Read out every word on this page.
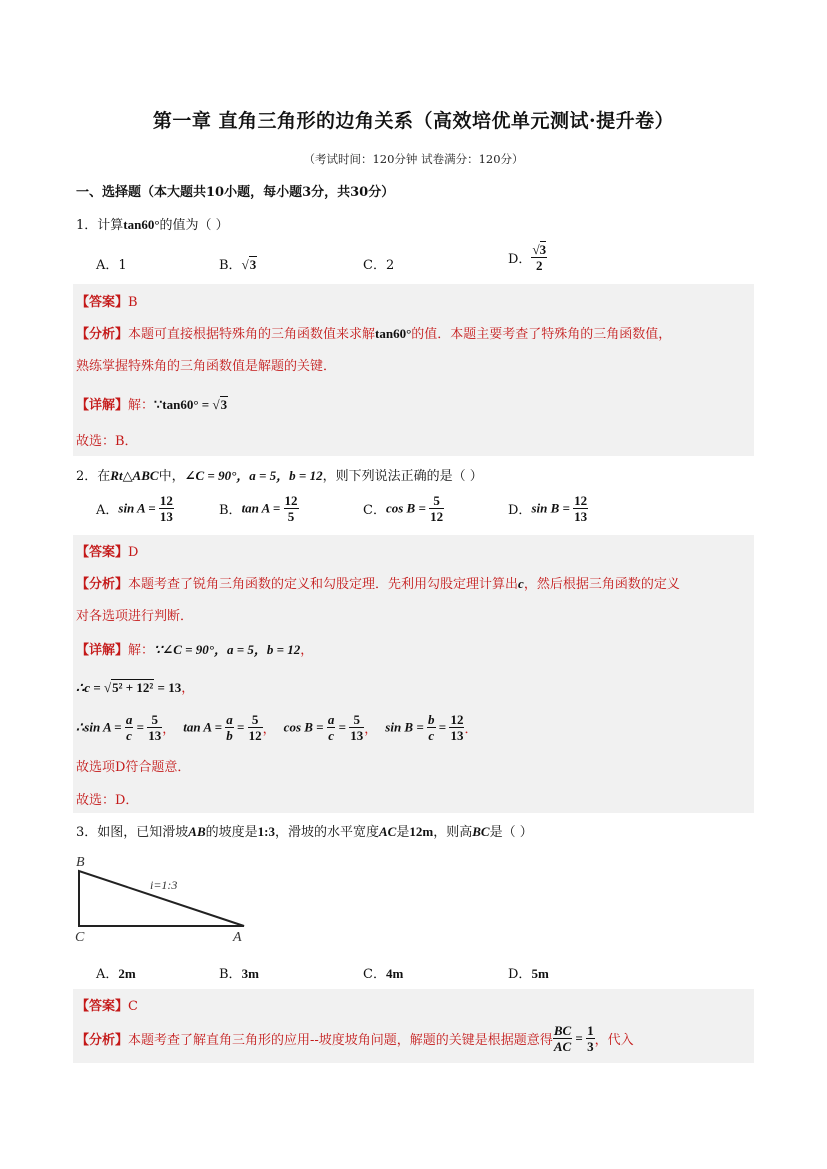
第一章 直角三角形的边角关系（高效培优单元测试·提升卷）
（考试时间：120分钟 试卷满分：120分）
一、选择题（本大题共10小题，每小题3分，共30分）
1．计算tan60°的值为（ ）
A．1	B．√3	C．2	D． $\frac{√3}{2}$
【答案】B
【分析】本题可直接根据特殊角的三角函数值来求解tan60°的值．本题主要考查了特殊角的三角函数值，
熟练掌握特殊角的三角函数值是解题的关键．
【详解】解：∵tan60° = √3
故选：B．
2．在Rt△ABC中，∠C = 90°，a = 5，b = 12，则下列说法正确的是（ ）
A．$\sin A = \frac{12}{13}$	B．$\tan A = \frac{12}{5}$	C．$\cos B = \frac{5}{12}$	D．$\sin B = \frac{12}{13}$
【答案】D
【分析】本题考查了锐角三角函数的定义和勾股定理．先利用勾股定理计算出c，然后根据三角函数的定义
对各选项进行判断．
【详解】解：∵∠C = 90°，a = 5，b = 12，
∴c = √5² + 12² = 13，
∴sin $A = \frac{a}{c} = \frac{5}{13}$ ， $\tan A = \frac{a}{b} = \frac{5}{12}$ ， $\cos B = \frac{a}{c} = \frac{5}{13}$ ， $\sin B = \frac{b}{c} = \frac{12}{13}$ ．
故选项D符合题意．
故选：D．
3．如图，已知滑坡AB的坡度是1:3，滑坡的水平宽度AC是12m，则高BC是（ ）
B
C	A
i=1:3
A．2m	B．3m	C．4m	D．5m
【答案】C
【分析】本题考查了解直角三角形的应用--坡度坡角问题，解题的关键是根据题意得 $\frac{BC}{AC} = \frac{1}{3}$ ，代入
